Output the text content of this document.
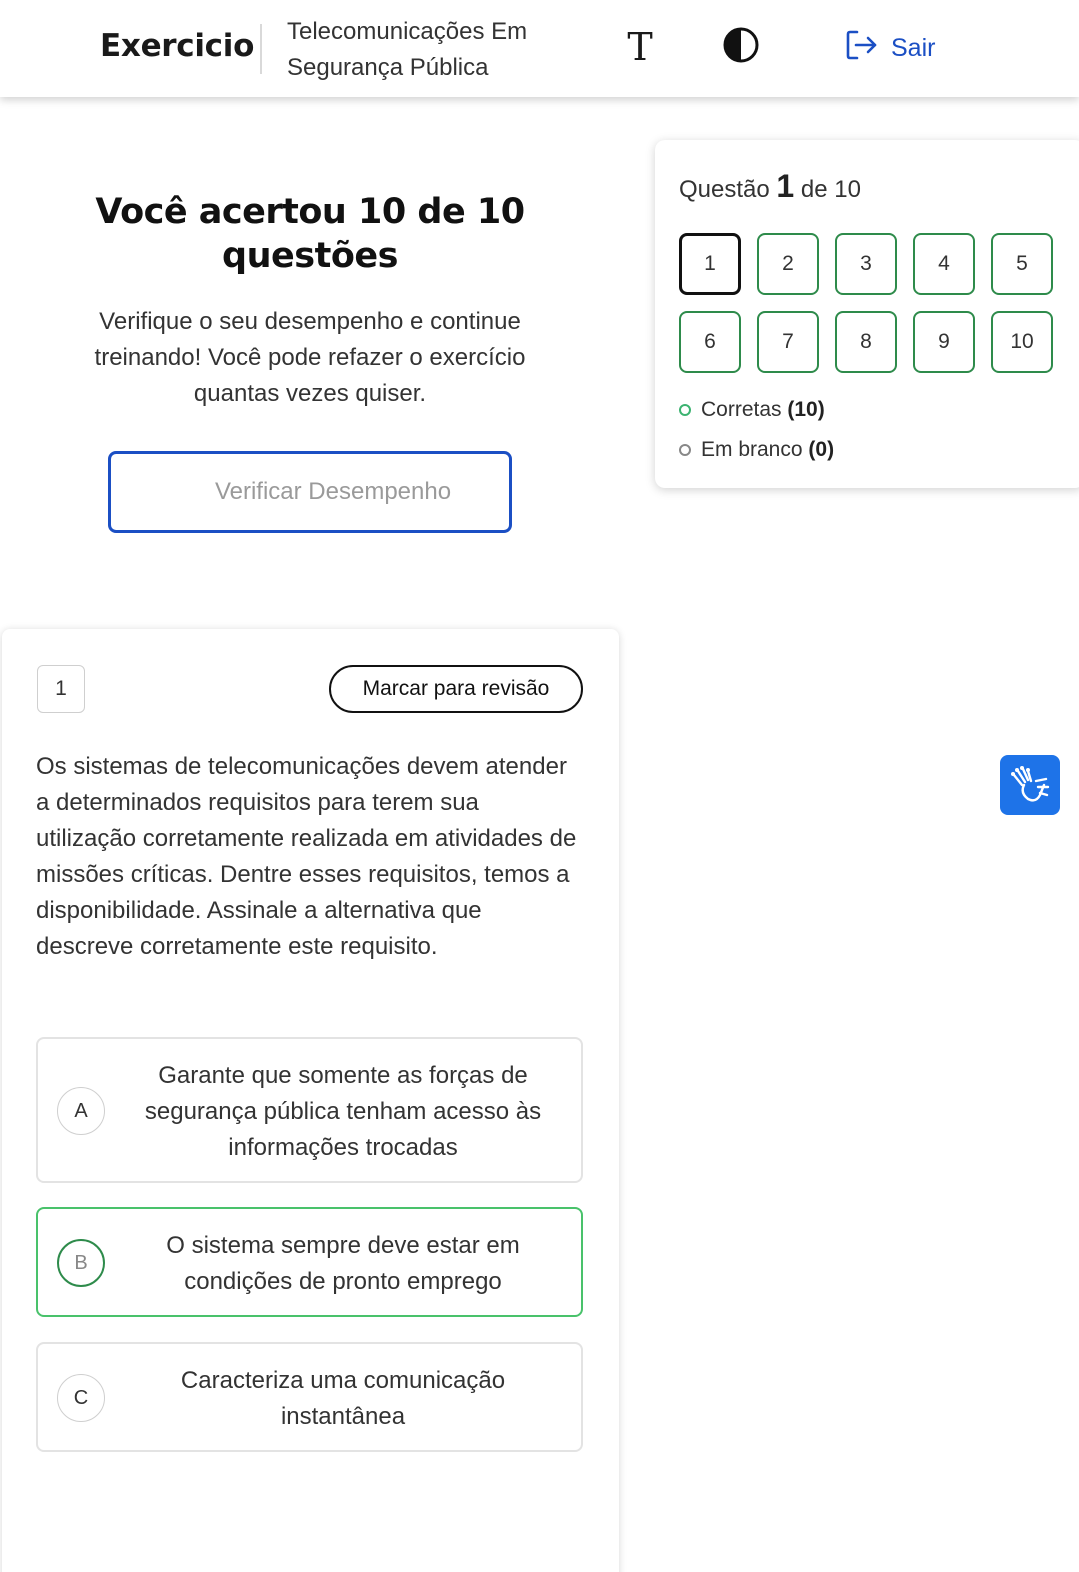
Exercicio Telecomunicações Em Segurança Pública	T	Sair
Você acertou 10 de 10 questões
Verifique o seu desempenho e continue treinando! Você pode refazer o exercício quantas vezes quiser.
Verificar Desempenho
Questão 1 de 10
1	2	3	4	5
6	7	8	9	10
Corretas (10)
Em branco (0)
1	Marcar para revisão
Os sistemas de telecomunicações devem atender a determinados requisitos para terem sua utilização corretamente realizada em atividades de missões críticas. Dentre esses requisitos, temos a disponibilidade. Assinale a alternativa que descreve corretamente este requisito.
A
Garante que somente as forças de segurança pública tenham acesso às informações trocadas
B
O sistema sempre deve estar em condições de pronto emprego
C
Caracteriza uma comunicação instantânea
